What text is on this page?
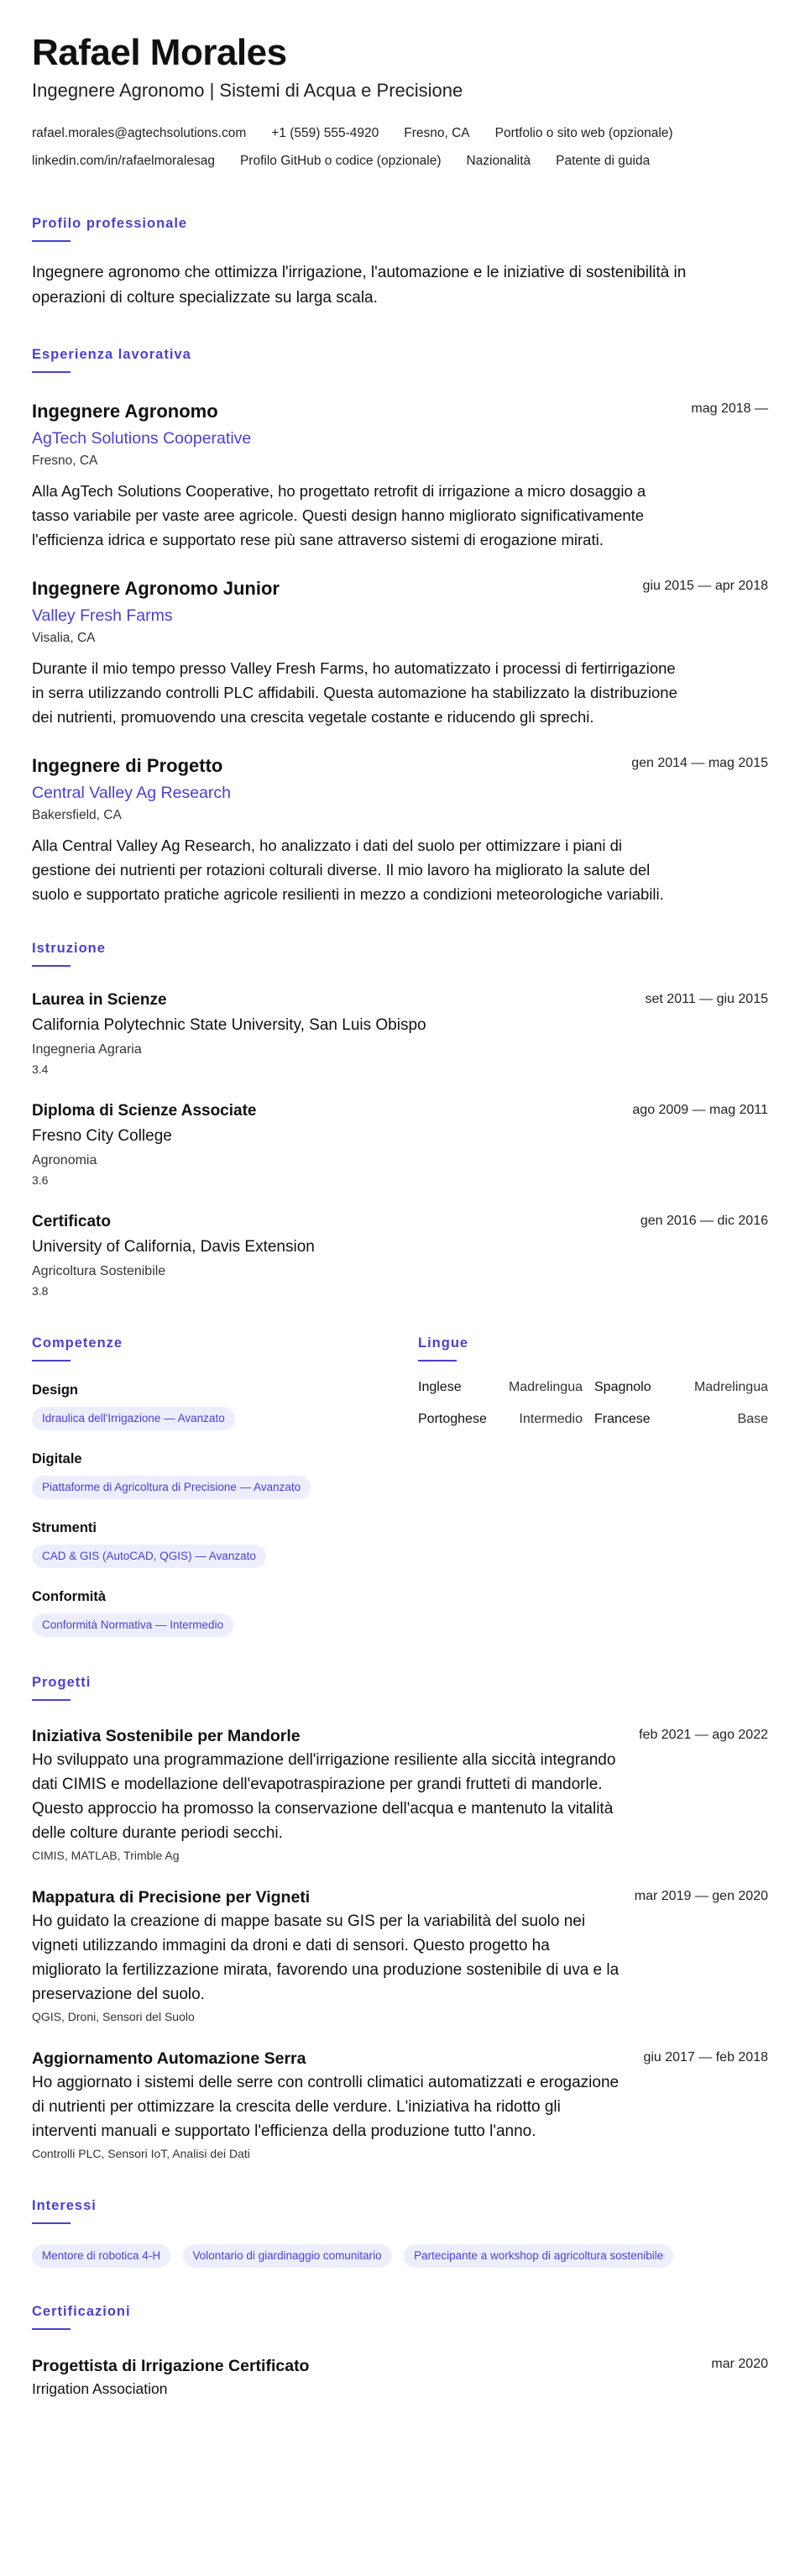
Rafael Morales
Ingegnere Agronomo | Sistemi di Acqua e Precisione
rafael.morales@agtechsolutions.com +1 (559) 555-4920 Fresno, CA Portfolio o sito web (opzionale)
linkedin.com/in/rafaelmoralesag Profilo GitHub o codice (opzionale) Nazionalità Patente di guida
Profilo professionale
Ingegnere agronomo che ottimizza l'irrigazione, l'automazione e le iniziative di sostenibilità in operazioni di colture specializzate su larga scala.
Esperienza lavorativa
mag 2018 —
Ingegnere Agronomo
AgTech Solutions Cooperative
Fresno, CA
Alla AgTech Solutions Cooperative, ho progettato retrofit di irrigazione a micro dosaggio a tasso variabile per vaste aree agricole. Questi design hanno migliorato significativamente l'efficienza idrica e supportato rese più sane attraverso sistemi di erogazione mirati.
giu 2015 — apr 2018
Ingegnere Agronomo Junior
Valley Fresh Farms
Visalia, CA
Durante il mio tempo presso Valley Fresh Farms, ho automatizzato i processi di fertirrigazione in serra utilizzando controlli PLC affidabili. Questa automazione ha stabilizzato la distribuzione dei nutrienti, promuovendo una crescita vegetale costante e riducendo gli sprechi.
gen 2014 — mag 2015
Ingegnere di Progetto
Central Valley Ag Research
Bakersfield, CA
Alla Central Valley Ag Research, ho analizzato i dati del suolo per ottimizzare i piani di gestione dei nutrienti per rotazioni colturali diverse. Il mio lavoro ha migliorato la salute del suolo e supportato pratiche agricole resilienti in mezzo a condizioni meteorologiche variabili.
Istruzione
set 2011 — giu 2015
Laurea in Scienze
California Polytechnic State University, San Luis Obispo
Ingegneria Agraria
3.4
ago 2009 — mag 2011
Diploma di Scienze Associate
Fresno City College
Agronomia
3.6
gen 2016 — dic 2016
Certificato
University of California, Davis Extension
Agricoltura Sostenibile
3.8
Competenze
Design
Idraulica dell'Irrigazione — Avanzato
Digitale
Piattaforme di Agricoltura di Precisione — Avanzato
Strumenti
CAD & GIS (AutoCAD, QGIS) — Avanzato
Conformità
Conformità Normativa — Intermedio
Lingue
Inglese	Madrelingua Spagnolo	Madrelingua
Portoghese	Intermedio Francese	Base
Progetti
feb 2021 — ago 2022
Iniziativa Sostenibile per Mandorle
Ho sviluppato una programmazione dell'irrigazione resiliente alla siccità integrando dati CIMIS e modellazione dell'evapotraspirazione per grandi frutteti di mandorle. Questo approccio ha promosso la conservazione dell'acqua e mantenuto la vitalità delle colture durante periodi secchi.
CIMIS, MATLAB, Trimble Ag
mar 2019 — gen 2020
Mappatura di Precisione per Vigneti
Ho guidato la creazione di mappe basate su GIS per la variabilità del suolo nei vigneti utilizzando immagini da droni e dati di sensori. Questo progetto ha migliorato la fertilizzazione mirata, favorendo una produzione sostenibile di uva e la preservazione del suolo.
QGIS, Droni, Sensori del Suolo
giu 2017 — feb 2018
Aggiornamento Automazione Serra
Ho aggiornato i sistemi delle serre con controlli climatici automatizzati e erogazione di nutrienti per ottimizzare la crescita delle verdure. L'iniziativa ha ridotto gli interventi manuali e supportato l'efficienza della produzione tutto l'anno.
Controlli PLC, Sensori IoT, Analisi dei Dati
Interessi
Mentore di robotica 4-H	Volontario di giardinaggio comunitario	Partecipante a workshop di agricoltura sostenibile
Certificazioni
mar 2020
Progettista di Irrigazione Certificato
Irrigation Association
